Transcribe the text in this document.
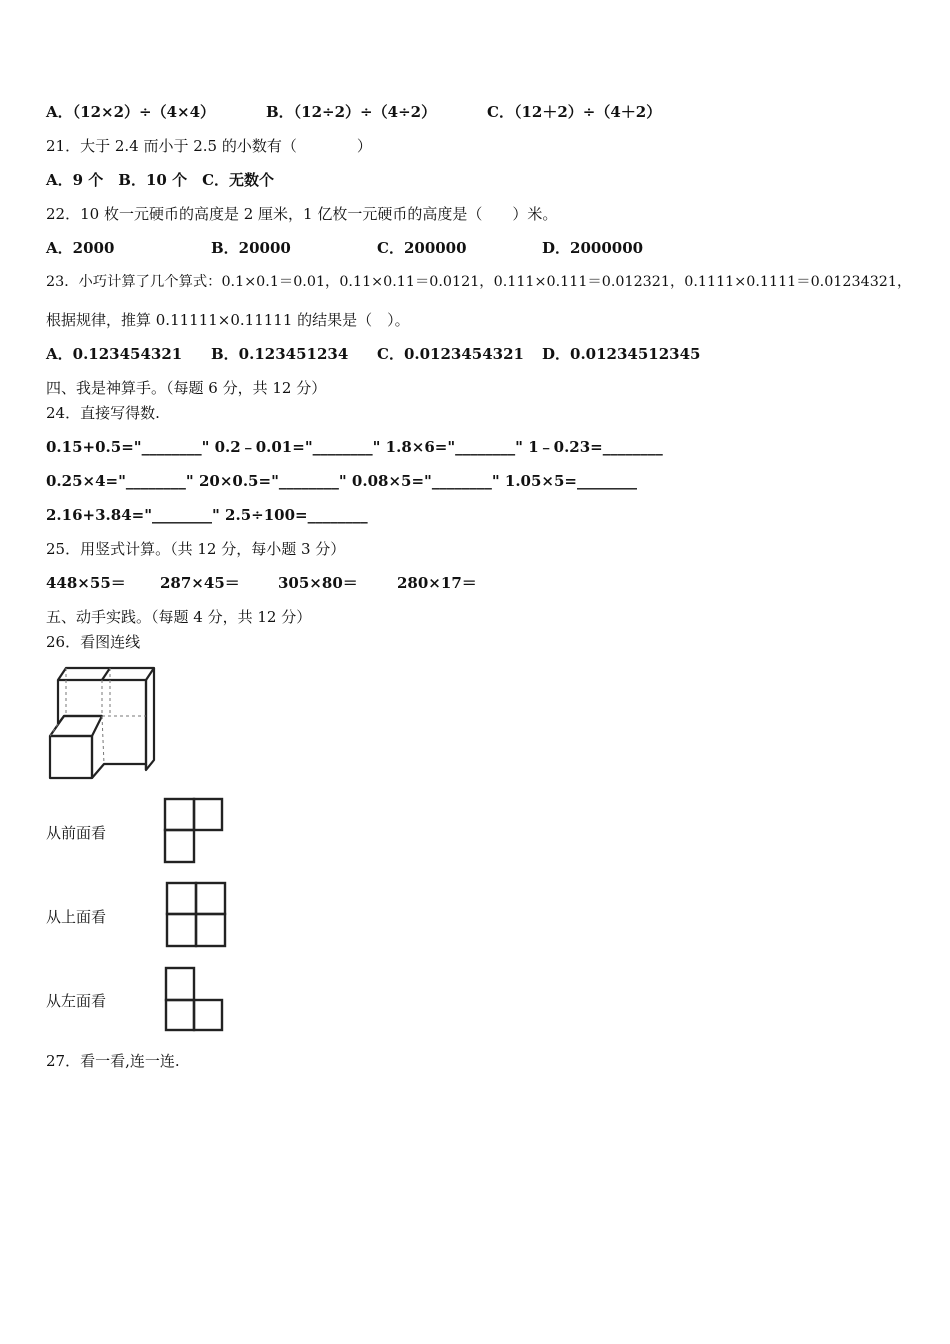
A．（12×2）÷（4×4）	B．（12÷2）÷（4÷2）	C．（12＋2）÷（4＋2）
21．大于 2.4 而小于 2.5 的小数有（　　　　）
A．9 个　B．10 个　C．无数个
22．10 枚一元硬币的高度是 2 厘米，1 亿枚一元硬币的高度是（　　）米。
A．2000	B．20000	C．200000	D．2000000
23．小巧计算了几个算式：0.1×0.1＝0.01，0.11×0.11＝0.0121，0.111×0.111＝0.012321，0.1111×0.1111＝0.01234321，
根据规律，推算 0.11111×0.11111 的结果是（　）。
A．0.123454321 B．0.123451234 C．0.0123454321 D．0.01234512345
四、我是神算手。（每题 6 分，共 12 分）
24．直接写得数.
0.15+0.5="________" 0.2﹣0.01="________" 1.8×6="________" 1﹣0.23=________
0.25×4="________" 20×0.5="________" 0.08×5="________" 1.05×5=________
2.16+3.84="________" 2.5÷100=________
25．用竖式计算。（共 12 分，每小题 3 分）
448×55＝ 287×45＝	305×80＝	280×17＝
五、动手实践。（每题 4 分，共 12 分）
26．看图连线
从前面看
从上面看
从左面看
27．看一看,连一连.
